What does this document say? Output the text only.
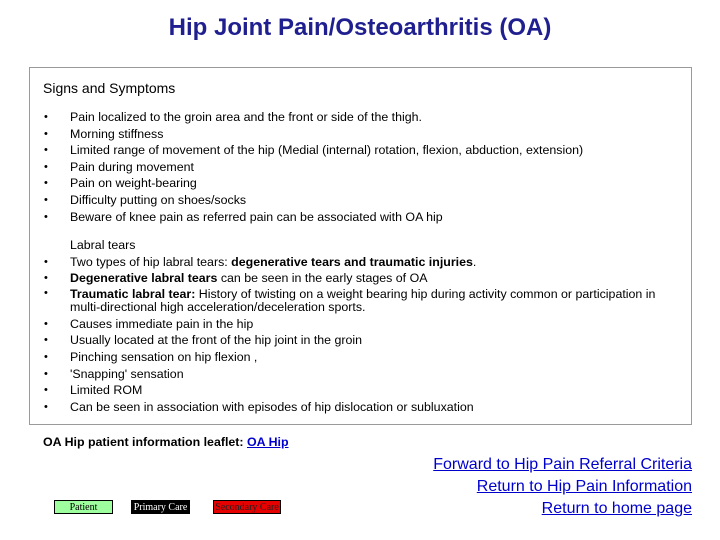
Hip Joint Pain/Osteoarthritis (OA)
Signs and Symptoms
• Pain localized to the groin area and the front or side of the thigh.
• Morning stiffness
• Limited range of movement of the hip (Medial (internal) rotation, flexion, abduction, extension)
• Pain during movement
• Pain on weight-bearing
• Difficulty putting on shoes/socks
• Beware of knee pain as referred pain can be associated with OA hip
Labral tears
• Two types of hip labral tears: degenerative tears and traumatic injuries.
• Degenerative labral tears can be seen in the early stages of OA
• Traumatic labral tear: History of twisting on a weight bearing hip during activity common or participation in multi-directional high acceleration/deceleration sports.
• Causes immediate pain in the hip
• Usually located at the front of the hip joint in the groin
• Pinching sensation on hip flexion ,
• 'Snapping' sensation
• Limited ROM
• Can be seen in association with episodes of hip dislocation or subluxation
OA Hip patient information leaflet: OA Hip
Forward to Hip Pain Referral Criteria
Return to Hip Pain Information
Return to home page
Patient	Primary Care	Secondary Care
